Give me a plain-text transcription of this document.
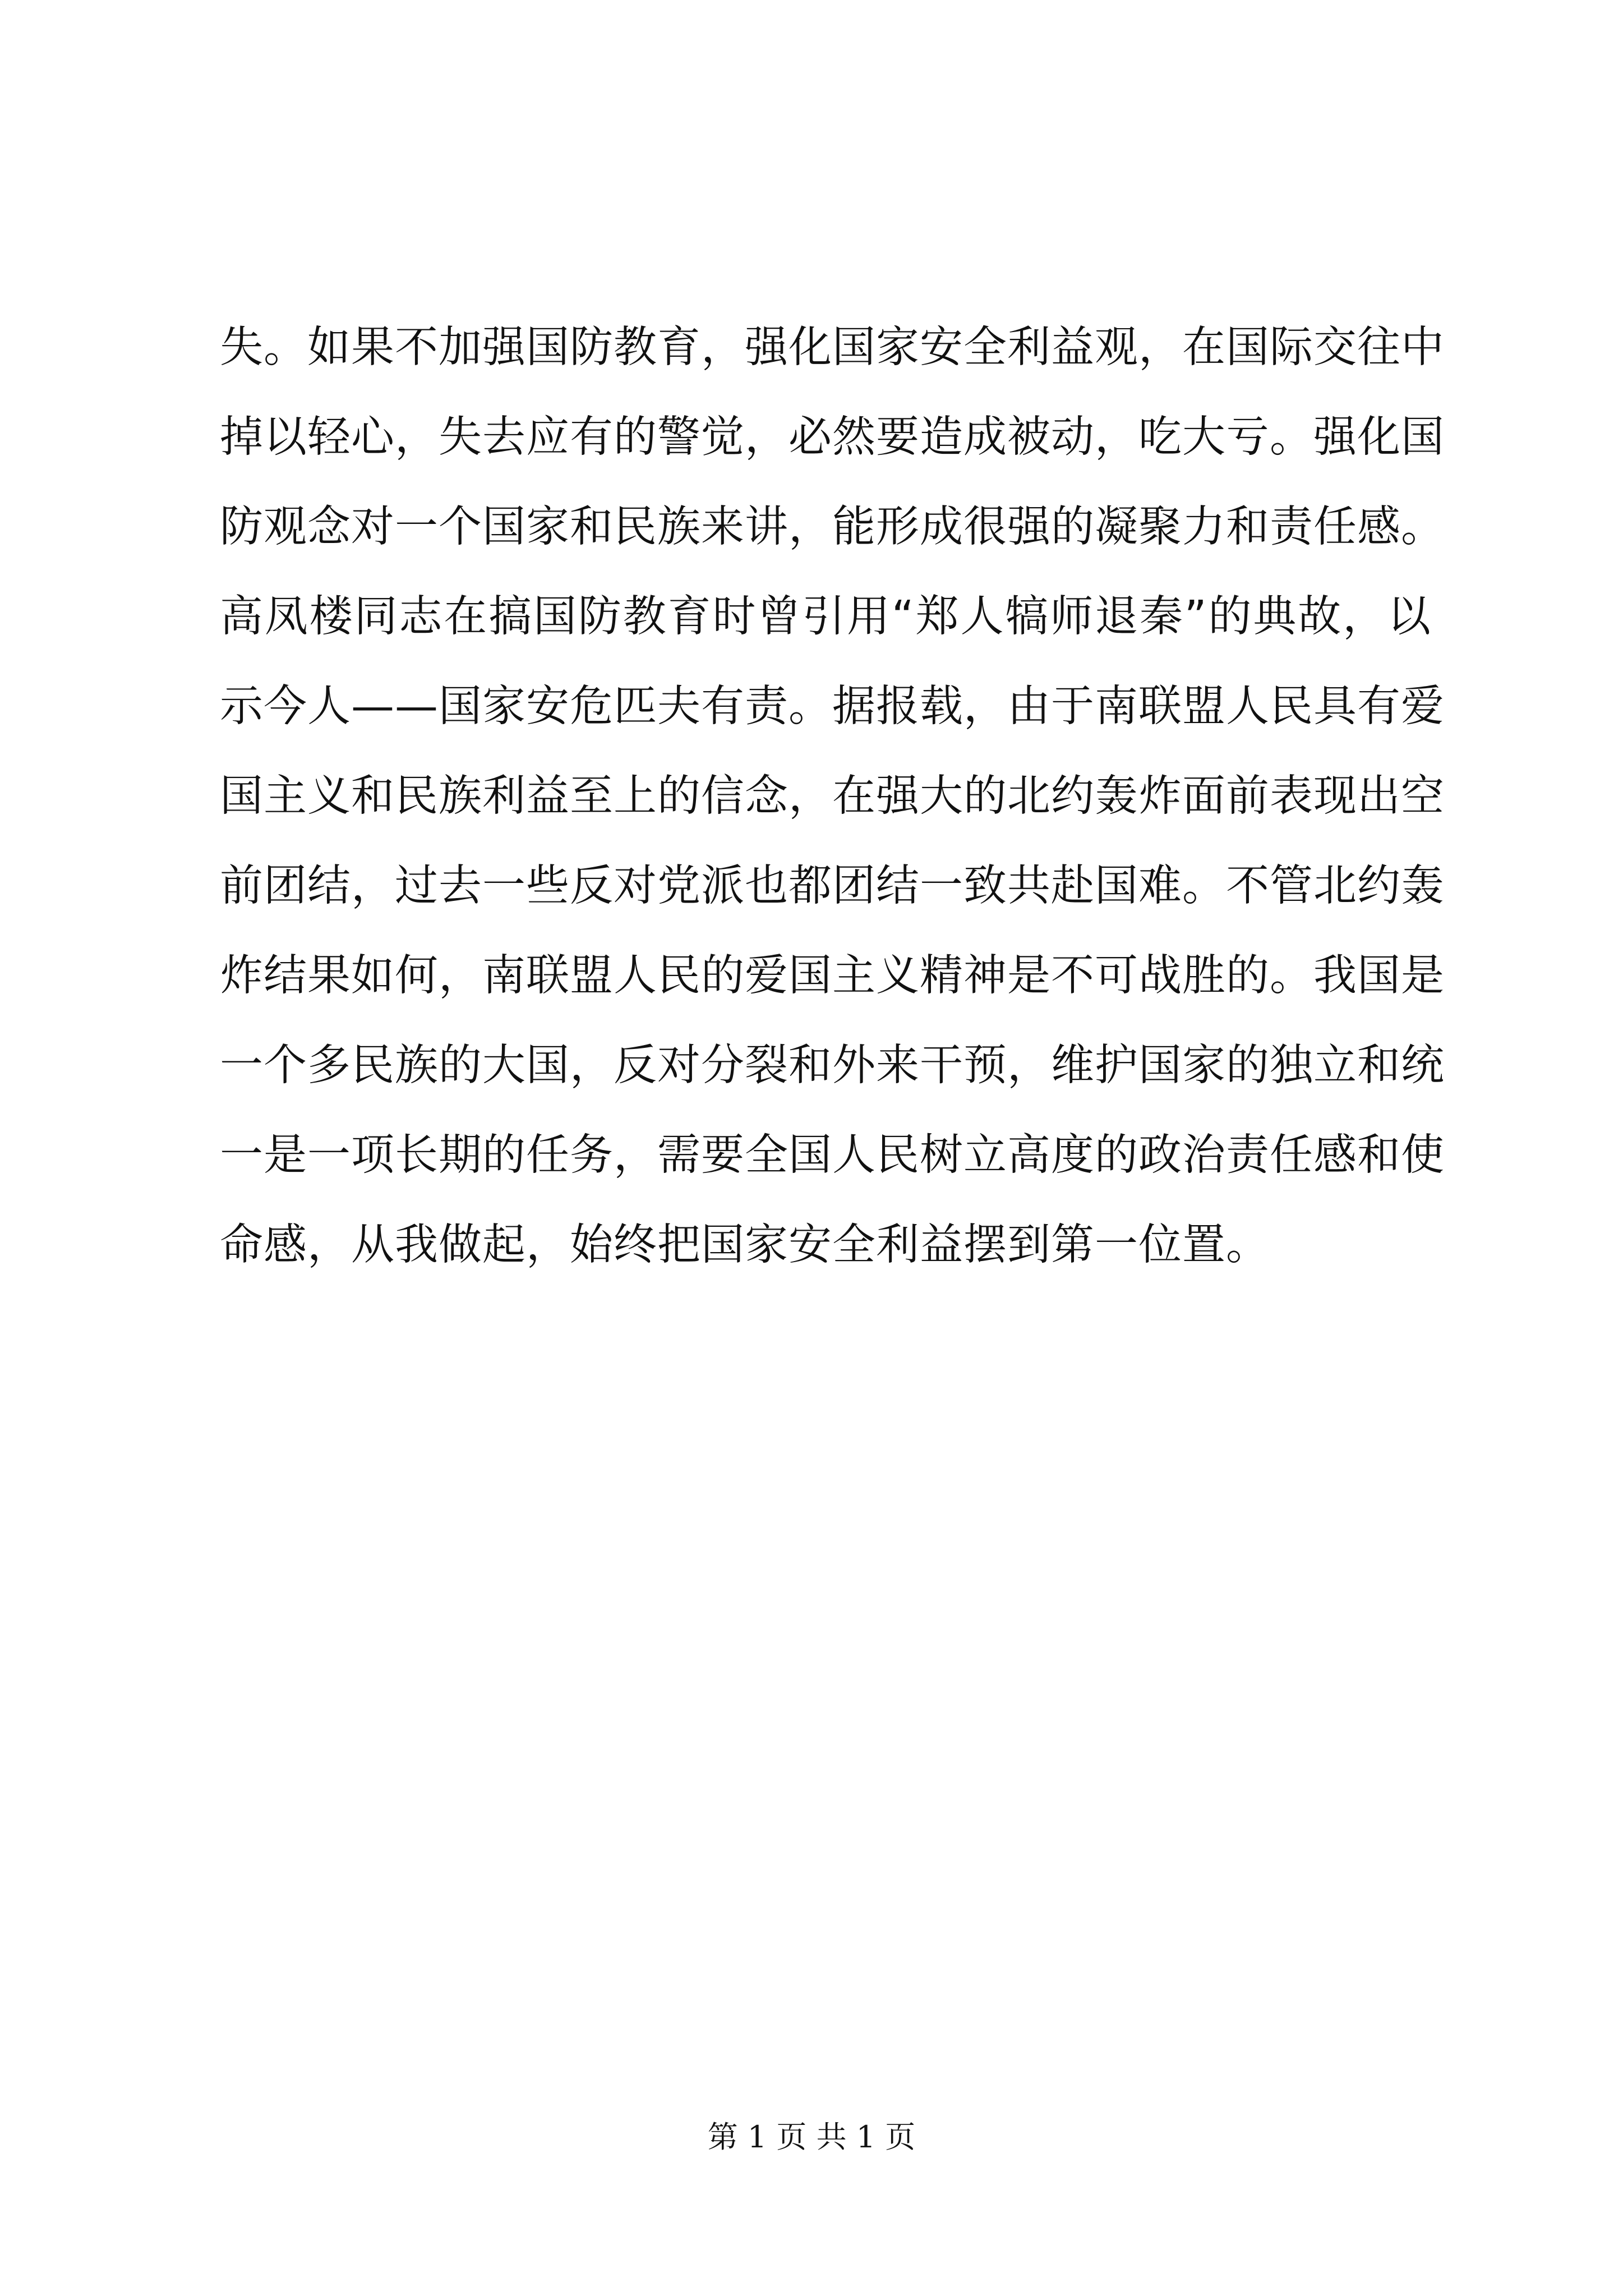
失。如果不加强国防教育，强化国家安全利益观，在国际交往中
掉以轻心，失去应有的警觉，必然要造成被动，吃大亏。强化国
防观念对一个国家和民族来讲，能形成很强的凝聚力和责任感。
高凤楼同志在搞国防教育时曾引用“郑人犒师退秦”的典故，以
示今人——国家安危匹夫有责。据报载，由于南联盟人民具有爱
国主义和民族利益至上的信念，在强大的北约轰炸面前表现出空
前团结，过去一些反对党派也都团结一致共赴国难。不管北约轰
炸结果如何，南联盟人民的爱国主义精神是不可战胜的。我国是
一个多民族的大国，反对分裂和外来干预，维护国家的独立和统
一是一项长期的任务，需要全国人民树立高度的政治责任感和使
命感，从我做起，始终把国家安全利益摆到第一位置。
第 1 页 共 1 页
